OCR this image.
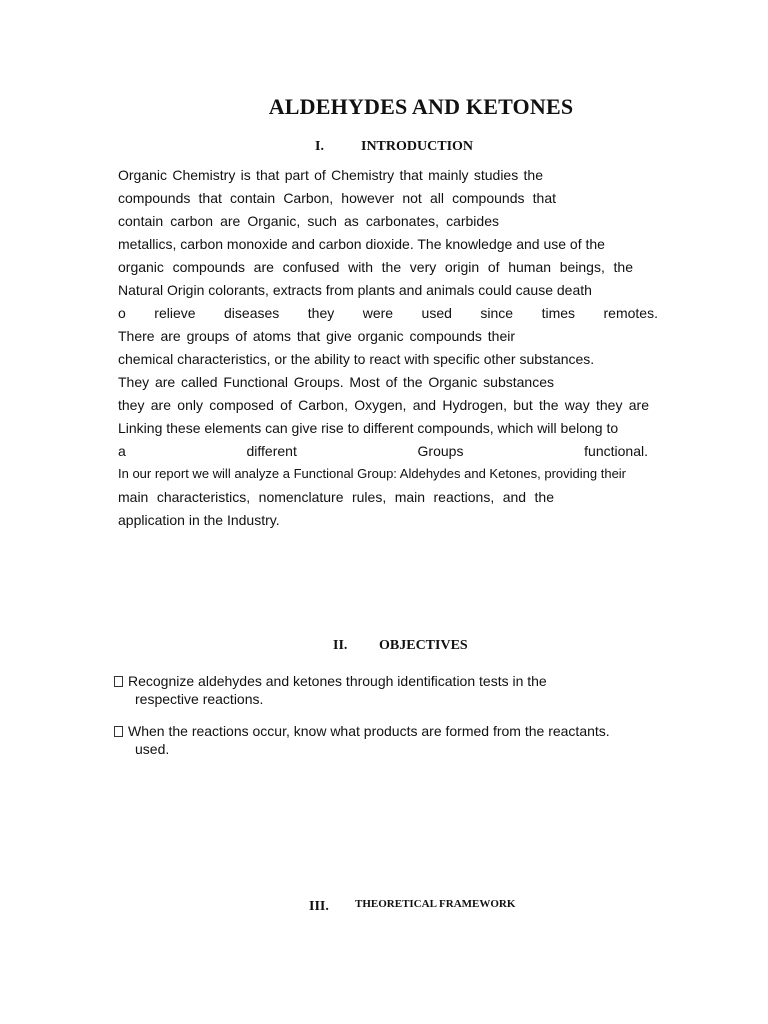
ALDEHYDES AND KETONES
I.	INTRODUCTION
Organic Chemistry is that part of Chemistry that mainly studies the
compounds that contain Carbon, however not all compounds that
contain carbon are Organic, such as carbonates, carbides
metallics, carbon monoxide and carbon dioxide. The knowledge and use of the
organic compounds are confused with the very origin of human beings, the
Natural Origin colorants, extracts from plants and animals could cause death
o relieve diseases they were used since times remotes.
There are groups of atoms that give organic compounds their
chemical characteristics, or the ability to react with specific other substances.
They are called Functional Groups. Most of the Organic substances
they are only composed of Carbon, Oxygen, and Hydrogen, but the way they are
Linking these elements can give rise to different compounds, which will belong to
a different Groups functional.
In our report we will analyze a Functional Group: Aldehydes and Ketones, providing their
main characteristics, nomenclature rules, main reactions, and the
application in the Industry.
II. OBJECTIVES
Recognize aldehydes and ketones through identification tests in the
respective reactions.
When the reactions occur, know what products are formed from the reactants.
used.
III. THEORETICAL FRAMEWORK
